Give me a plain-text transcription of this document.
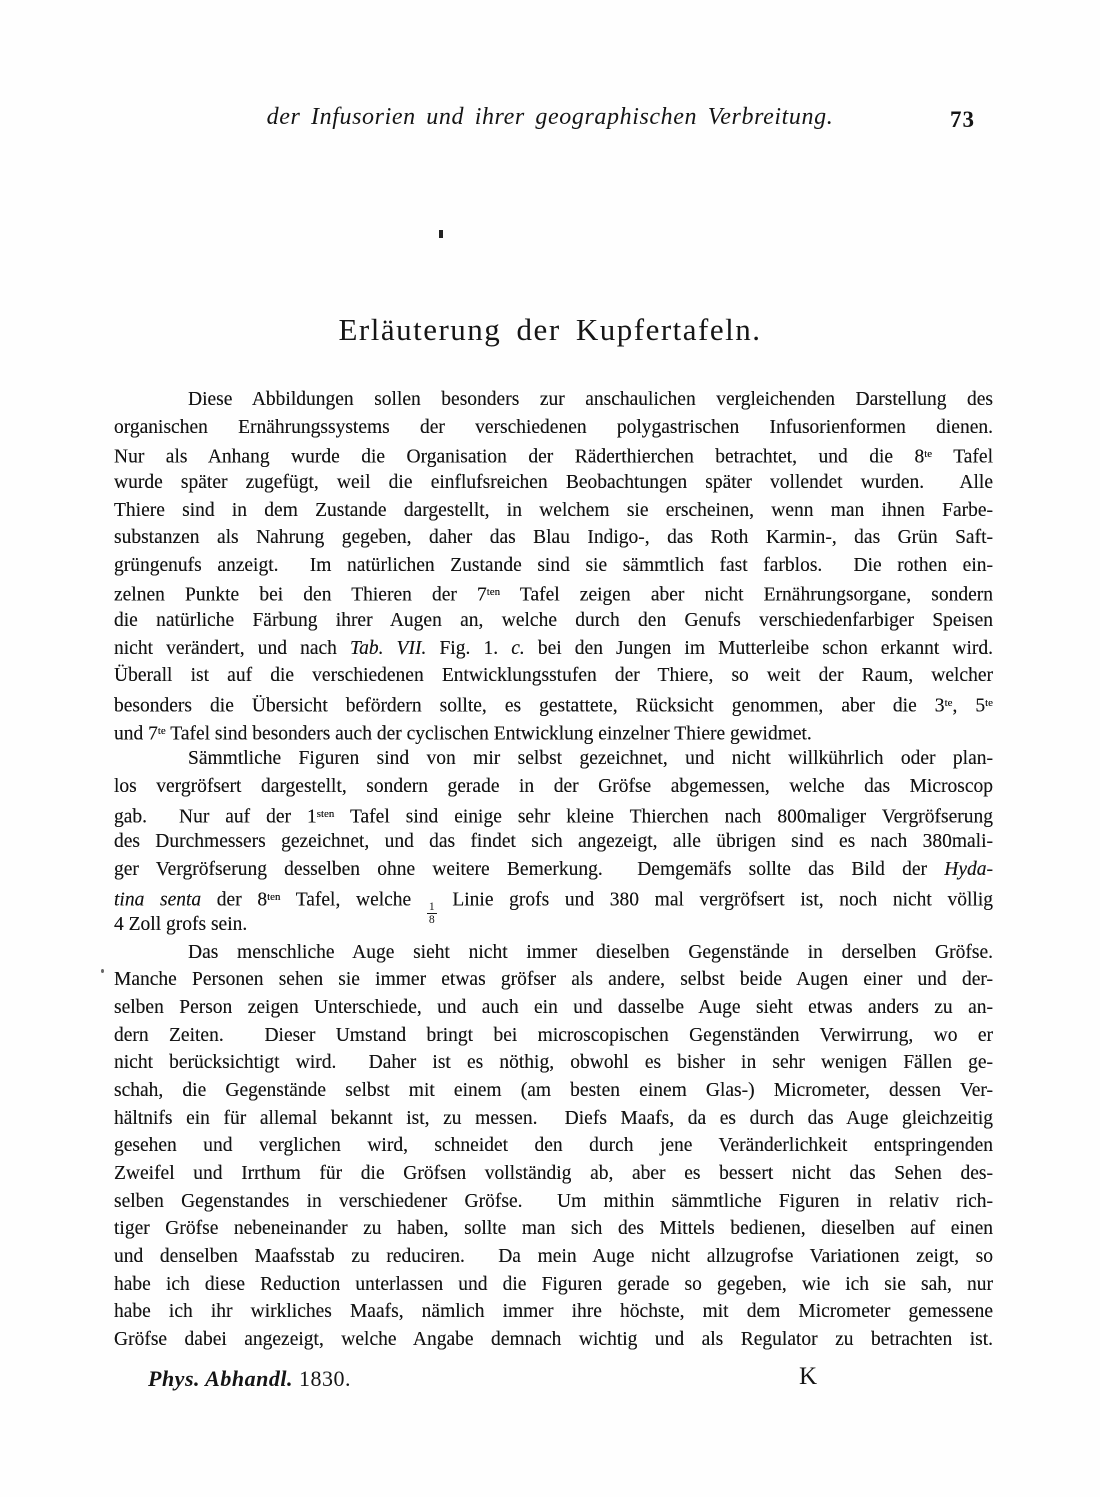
der Infusorien und ihrer geographischen Verbreitung.	73
Erläuterung der Kupfertafeln.
Diese Abbildungen sollen besonders zur anschaulichen vergleichenden Darstellung des
organischen Ernährungssystems der verschiedenen polygastrischen Infusorienformen dienen.
Nur als Anhang wurde die Organisation der Räderthierchen betrachtet, und die $8^{te}$ Tafel
wurde später zugefügt, weil die einflufsreichen Beobachtungen später vollendet wurden.  Alle
Thiere sind in dem Zustande dargestellt, in welchem sie erscheinen, wenn man ihnen Farbe-
substanzen als Nahrung gegeben, daher das Blau Indigo-, das Roth Karmin-, das Grün Saft-
grüngenufs anzeigt.  Im natürlichen Zustande sind sie sämmtlich fast farblos.  Die rothen ein-
zelnen Punkte bei den Thieren der $7^{ten}$ Tafel zeigen aber nicht Ernährungsorgane, sondern
die natürliche Färbung ihrer Augen an, welche durch den Genufs verschiedenfarbiger Speisen
nicht verändert, und nach Tab. VII. Fig. 1. c. bei den Jungen im Mutterleibe schon erkannt wird.
Überall ist auf die verschiedenen Entwicklungsstufen der Thiere, so weit der Raum, welcher
besonders die Übersicht befördern sollte, es gestattete, Rücksicht genommen, aber die $3^{te}$, $5^{te}$
und $7^{te}$ Tafel sind besonders auch der cyclischen Entwicklung einzelner Thiere gewidmet.
Sämmtliche Figuren sind von mir selbst gezeichnet, und nicht willkührlich oder plan-
los vergröfsert dargestellt, sondern gerade in der Gröfse abgemessen, welche das Microscop
gab.  Nur auf der $1^{sten}$ Tafel sind einige sehr kleine Thierchen nach 800maliger Vergröfserung
des Durchmessers gezeichnet, und das findet sich angezeigt, alle übrigen sind es nach 380mali-
ger Vergröfserung desselben ohne weitere Bemerkung.  Demgemäfs sollte das Bild der Hyda-
tina senta der $8^{ten}$ Tafel, welche
$\frac{1}{8}$
Linie grofs und 380 mal vergröfsert ist, noch nicht völlig
4 Zoll grofs sein.
Das menschliche Auge sieht nicht immer dieselben Gegenstände in derselben Gröfse.
Manche Personen sehen sie immer etwas gröfser als andere, selbst beide Augen einer und der-
selben Person zeigen Unterschiede, und auch ein und dasselbe Auge sieht etwas anders zu an-
dern Zeiten.  Dieser Umstand bringt bei microscopischen Gegenständen Verwirrung, wo er
nicht berücksichtigt wird.  Daher ist es nöthig, obwohl es bisher in sehr wenigen Fällen ge-
schah, die Gegenstände selbst mit einem (am besten einem Glas-) Micrometer, dessen Ver-
hältnifs ein für allemal bekannt ist, zu messen.  Diefs Maafs, da es durch das Auge gleichzeitig
gesehen und verglichen wird, schneidet den durch jene Veränderlichkeit entspringenden
Zweifel und Irrthum für die Gröfsen vollständig ab, aber es bessert nicht das Sehen des-
selben Gegenstandes in verschiedener Gröfse.  Um mithin sämmtliche Figuren in relativ rich-
tiger Gröfse nebeneinander zu haben, sollte man sich des Mittels bedienen, dieselben auf einen
und denselben Maafsstab zu reduciren.  Da mein Auge nicht allzugrofse Variationen zeigt, so
habe ich diese Reduction unterlassen und die Figuren gerade so gegeben, wie ich sie sah, nur
habe ich ihr wirkliches Maafs, nämlich immer ihre höchste, mit dem Micrometer gemessene
Gröfse dabei angezeigt, welche Angabe demnach wichtig und als Regulator zu betrachten ist.
Phys. Abhandl. 1830.	K
